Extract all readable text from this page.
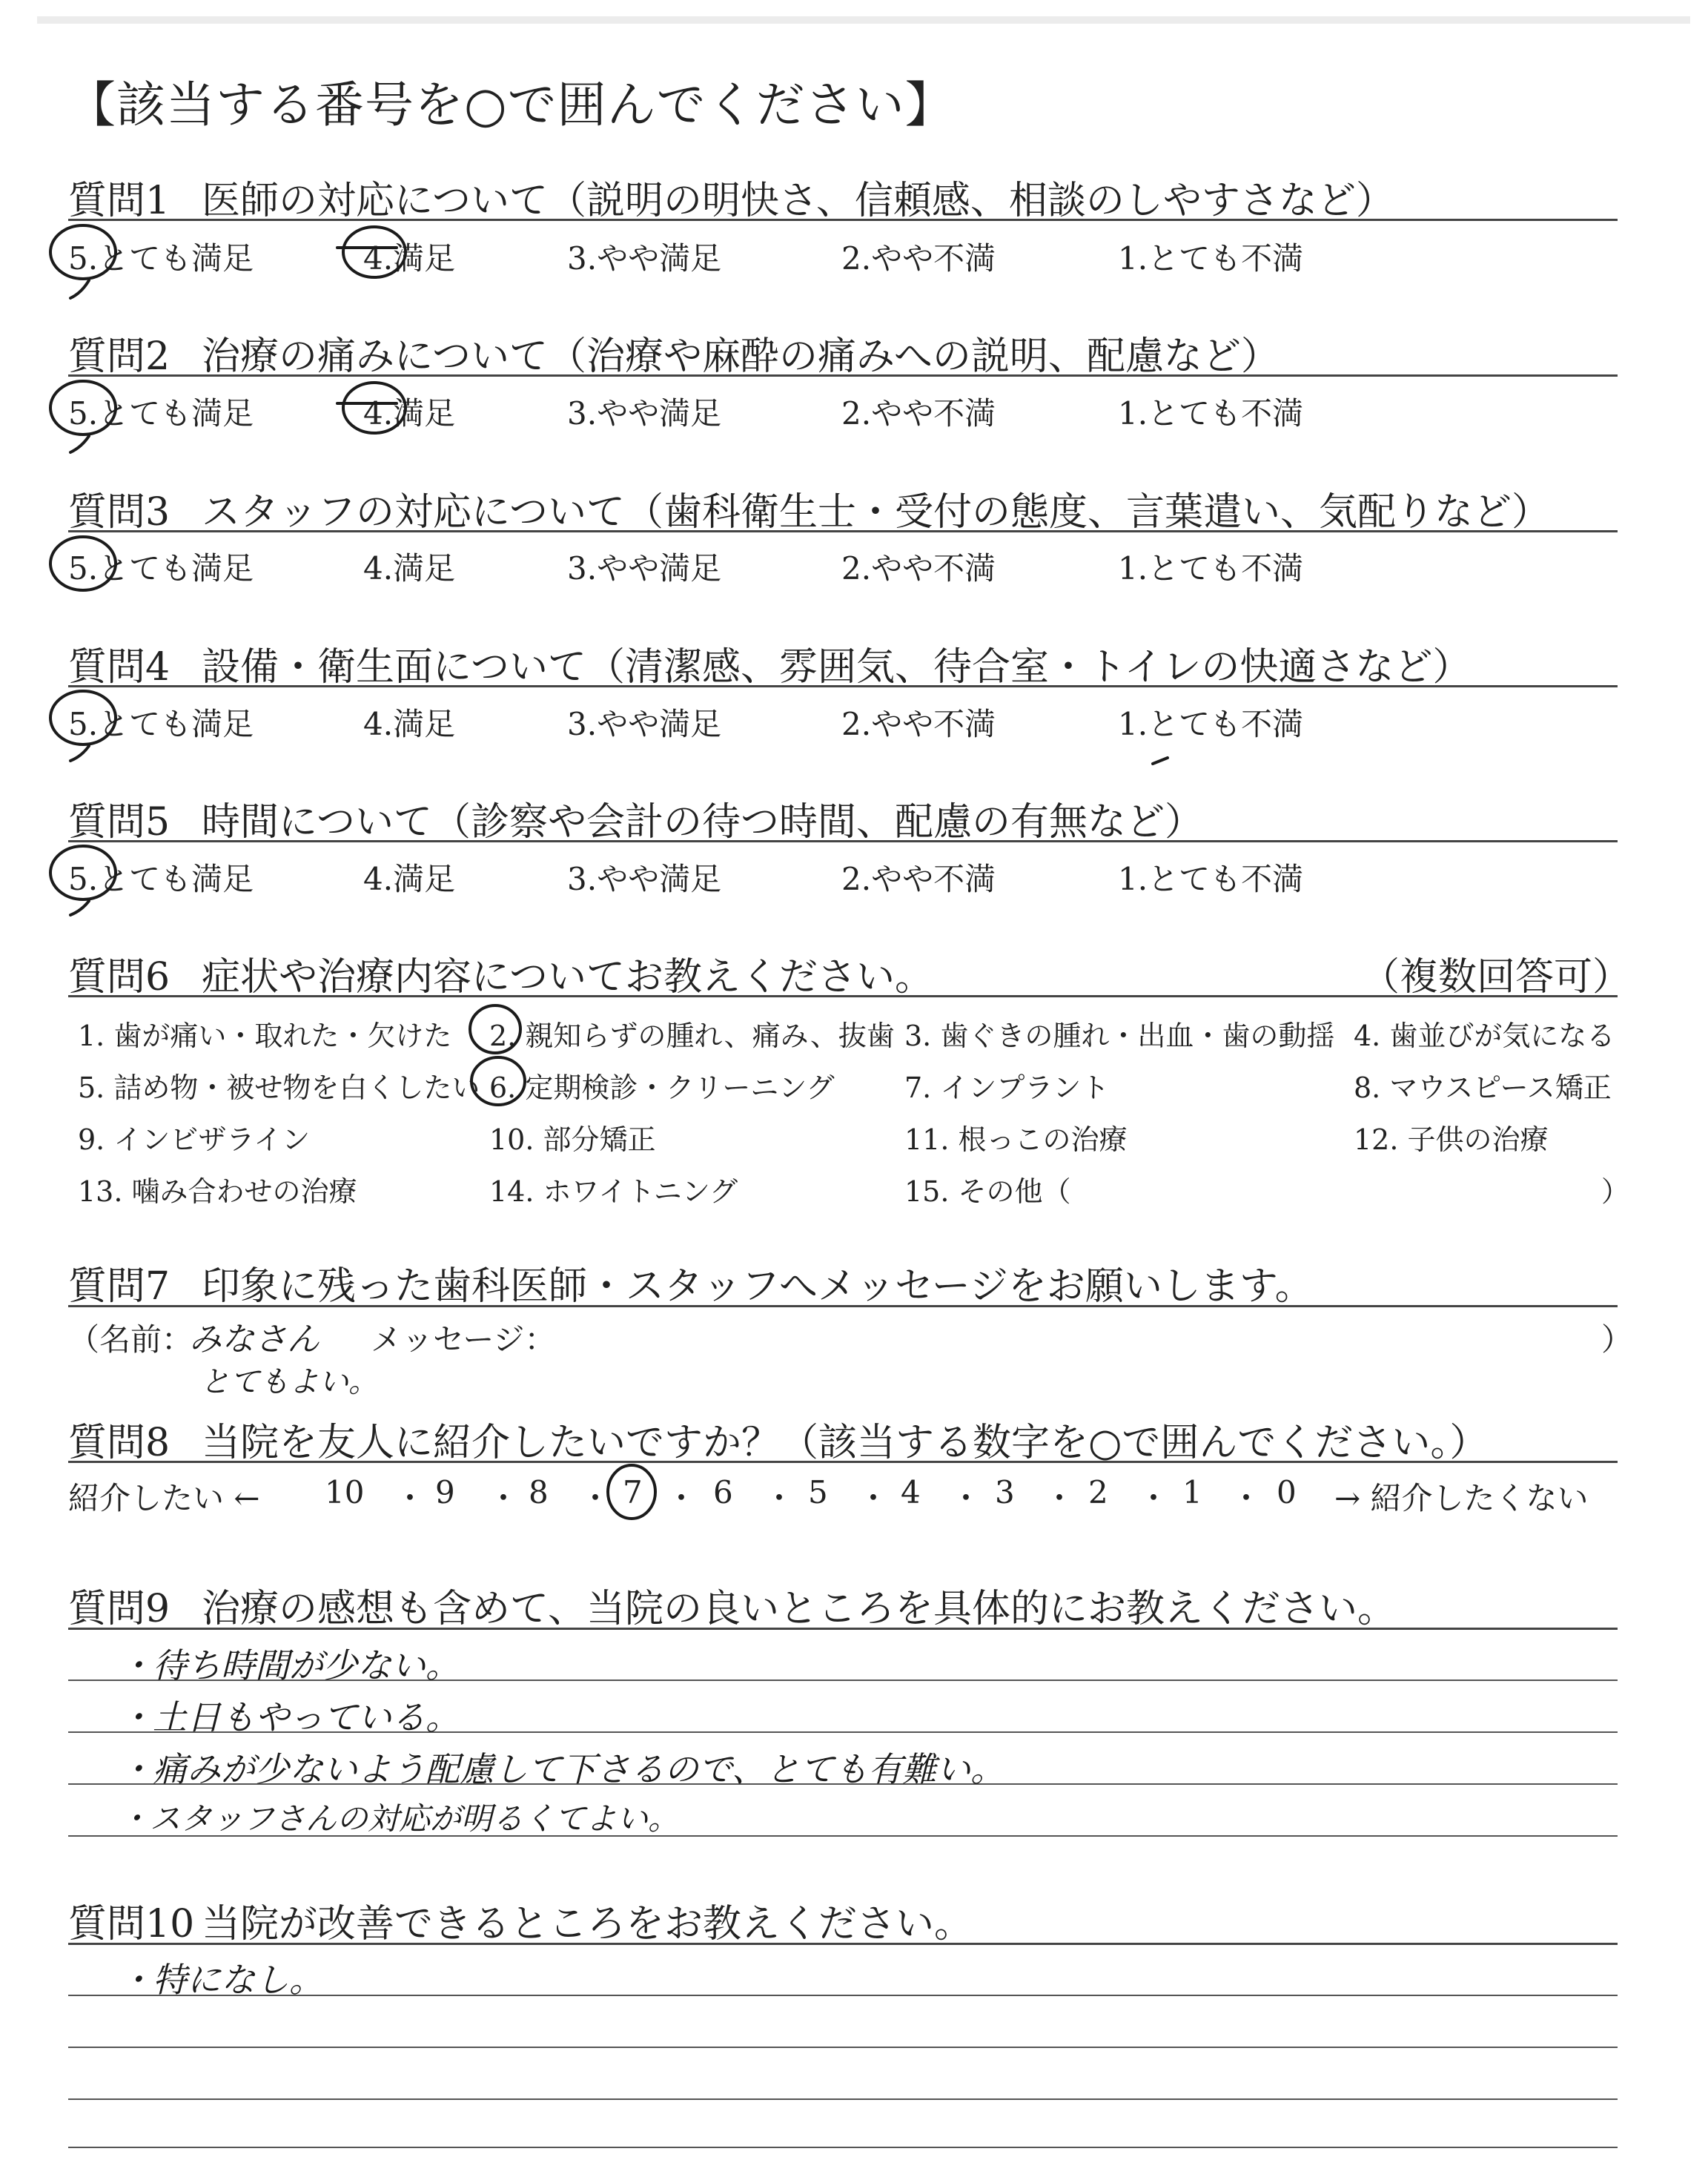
【該当する番号を○で囲んでください】
質問1 医師の対応について（説明の明快さ、信頼感、相談のしやすさなど）
5.とても満足	4.満足	3.やや満足	2.やや不満	1.とても不満
質問2 治療の痛みについて（治療や麻酔の痛みへの説明、配慮など）
5.とても満足	4.満足	3.やや満足	2.やや不満	1.とても不満
質問3 スタッフの対応について（歯科衛生士・受付の態度、言葉遣い、気配りなど）
5.とても満足	4.満足	3.やや満足	2.やや不満	1.とても不満
質問4 設備・衛生面について（清潔感、雰囲気、待合室・トイレの快適さなど）
5.とても満足	4.満足	3.やや満足	2.やや不満	1.とても不満
質問5 時間について（診察や会計の待つ時間、配慮の有無など）
5.とても満足	4.満足	3.やや満足	2.やや不満	1.とても不満
質問6 症状や治療内容についてお教えください。	（複数回答可）
1. 歯が痛い・取れた・欠けた 2. 親知らずの腫れ、痛み、抜歯 3. 歯ぐきの腫れ・出血・歯の動揺 4. 歯並びが気になる
5. 詰め物・被せ物を白くしたい 6. 定期検診・クリーニング 7. インプラント	8. マウスピース矯正
9. インビザライン	10. 部分矯正	11. 根っこの治療	12. 子供の治療
13. 噛み合わせの治療	14. ホワイトニング	15. その他（	）
質問7 印象に残った歯科医師・スタッフへメッセージをお願いします。
（名前：
みなさん メッセージ：	）
とてもよい。
質問8 当院を友人に紹介したいですか？（該当する数字を○で囲んでください。）
紹介したい ←	→ 紹介したくない
10 ・ 9 ・ 8 ・ 7 ・ 6 ・ 5 ・ 4 ・ 3 ・ 2 ・ 1 ・ 0
質問9 治療の感想も含めて、当院の良いところを具体的にお教えください。
・待ち時間が少ない。
・土日もやっている。
・痛みが少ないよう配慮して下さるので、とても有難い。
・スタッフさんの対応が明るくてよい。
質問10 当院が改善できるところをお教えください。
・特になし。
